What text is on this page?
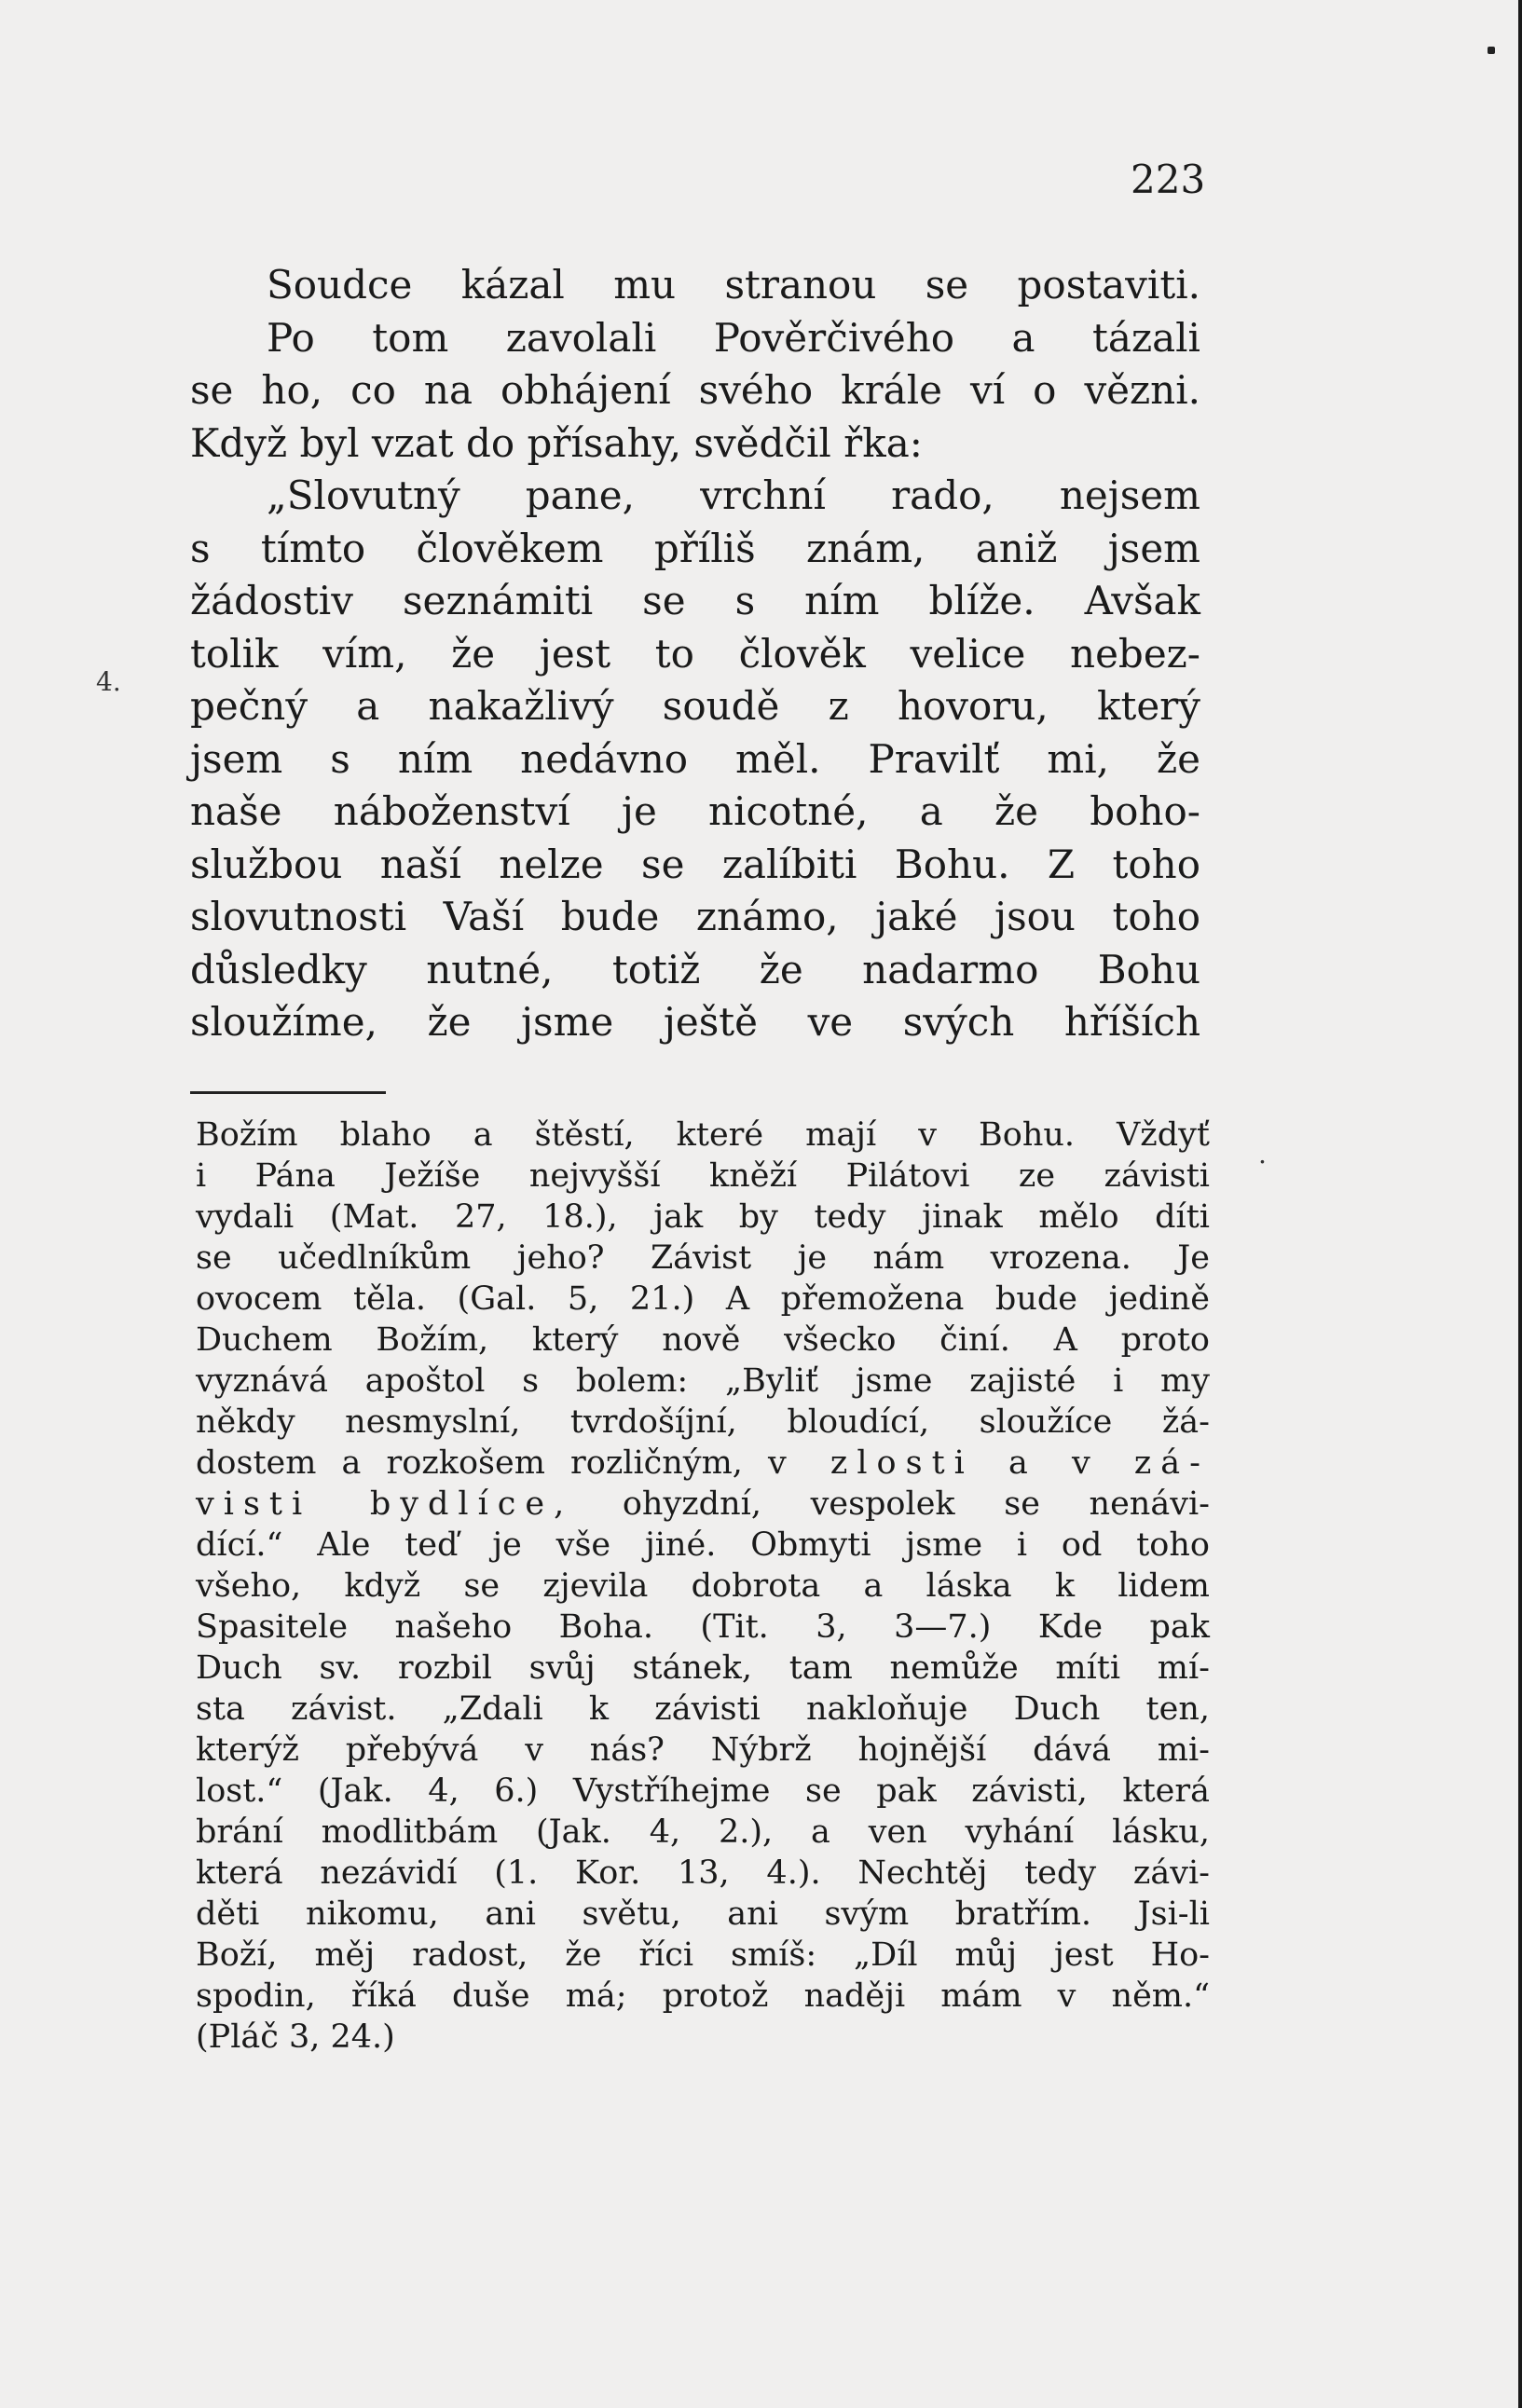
223
4.
Soudce kázal mu stranou se postaviti.
Po tom zavolali Pověrčivého a tázali
se ho, co na obhájení svého krále ví o vězni.
Když byl vzat do přísahy, svědčil řka:
„Slovutný pane, vrchní rado, nejsem
s tímto člověkem příliš znám, aniž jsem
žádostiv seznámiti se s ním blíže. Avšak
tolik vím, že jest to člověk velice nebez-
pečný a nakažlivý soudě z hovoru, který
jsem s ním nedávno měl. Pravilť mi, že
naše náboženství je nicotné, a že boho-
službou naší nelze se zalíbiti Bohu. Z toho
slovutnosti Vaší bude známo, jaké jsou toho
důsledky nutné, totiž že nadarmo Bohu
sloužíme, že jsme ještě ve svých hříších
.
Božím blaho a štěstí, které mají v Bohu. Vždyť
i Pána Ježíše nejvyšší kněží Pilátovi ze závisti
vydali (Mat. 27, 18.), jak by tedy jinak mělo díti
se učedlníkům jeho? Závist je nám vrozena. Je
ovocem těla. (Gal. 5, 21.) A přemožena bude jedině
Duchem Božím, který nově všecko činí. A proto
vyznává apoštol s bolem: „Byliť jsme zajisté i my
někdy nesmyslní, tvrdošíjní, bloudící, sloužíce žá-
dostem a rozkošem rozličným, v zlosti a v zá-
visti bydlíce, ohyzdní, vespolek se nenávi-
dící.“ Ale teď je vše jiné. Obmyti jsme i od toho
všeho, když se zjevila dobrota a láska k lidem
Spasitele našeho Boha. (Tit. 3, 3—7.) Kde pak
Duch sv. rozbil svůj stánek, tam nemůže míti mí-
sta závist. „Zdali k závisti nakloňuje Duch ten,
kterýž přebývá v nás? Nýbrž hojnější dává mi-
lost.“ (Jak. 4, 6.) Vystříhejme se pak závisti, která
brání modlitbám (Jak. 4, 2.), a ven vyhání lásku,
která nezávidí (1. Kor. 13, 4.). Nechtěj tedy závi-
děti nikomu, ani světu, ani svým bratřím. Jsi-li
Boží, měj radost, že říci smíš: „Díl můj jest Ho-
spodin, říká duše má; protož naději mám v něm.“
(Pláč 3, 24.)
